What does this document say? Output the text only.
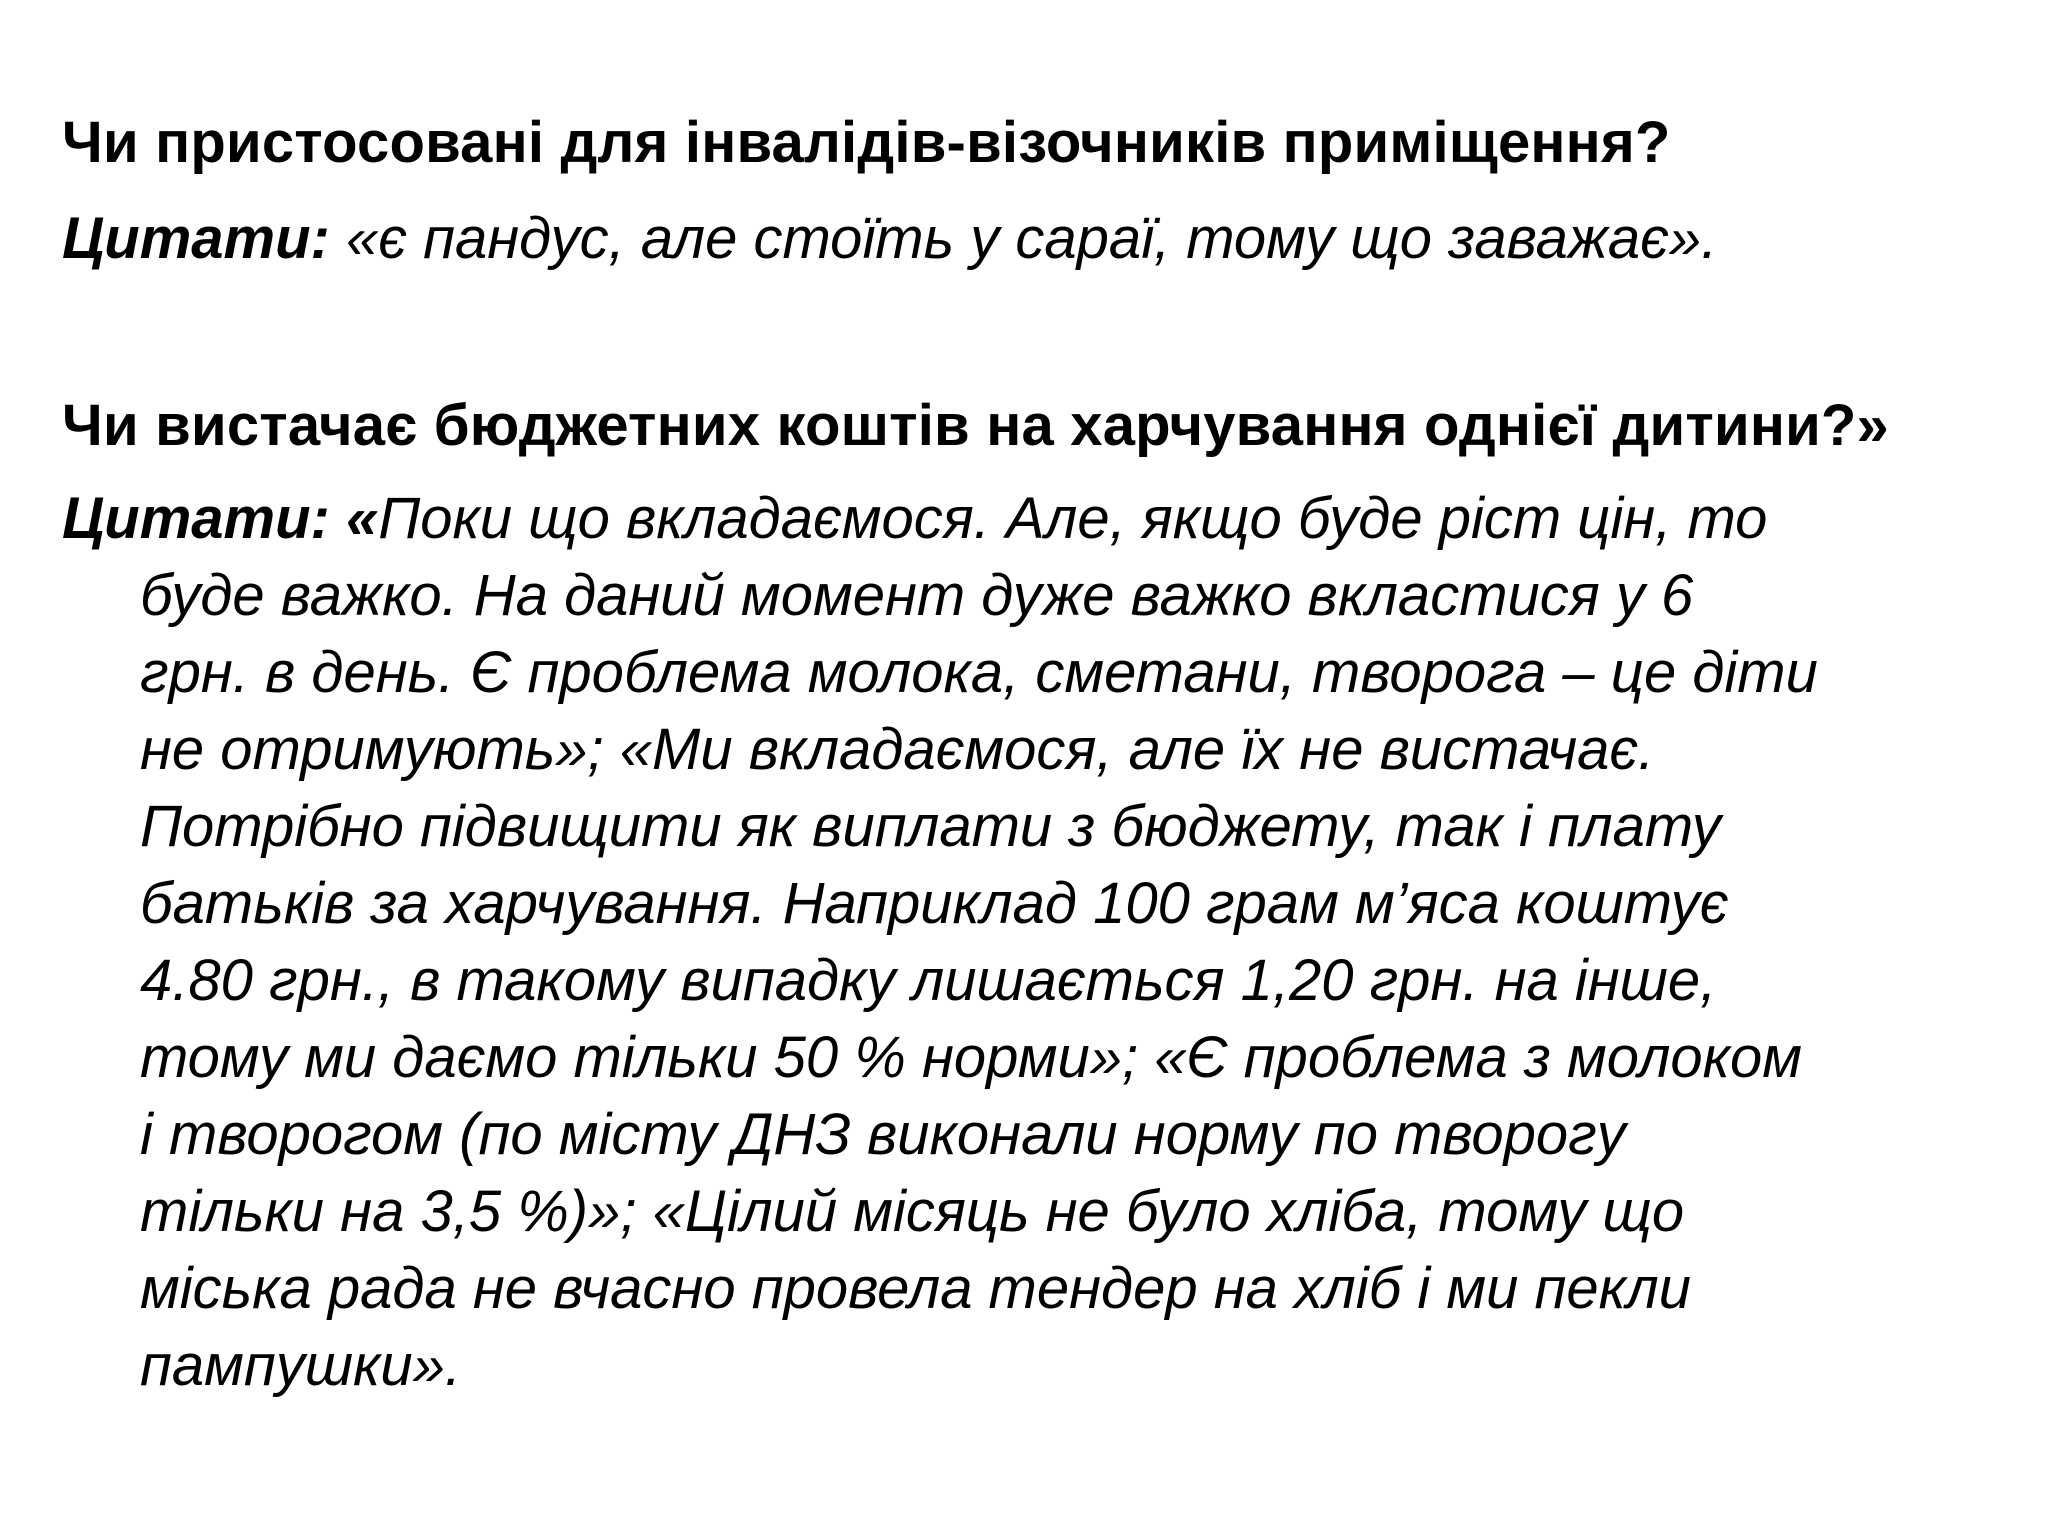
Чи пристосовані для інвалідів-візочників приміщення?
Цитати: «є пандус, але стоїть у сараї, тому що заважає».
Чи вистачає бюджетних коштів на харчування однієї дитини?»
Цитати: «Поки що вкладаємося. Але, якщо буде ріст цін, то
буде важко. На даний момент дуже важко вкластися у 6
грн. в день. Є проблема молока, сметани, творога – це діти
не отримують»; «Ми вкладаємося, але їх не вистачає.
Потрібно підвищити як виплати з бюджету, так і плату
батьків за харчування. Наприклад 100 грам м’яса коштує
4.80 грн., в такому випадку лишається 1,20 грн. на інше,
тому ми даємо тільки 50 % норми»; «Є проблема з молоком
і творогом (по місту ДНЗ виконали норму по творогу
тільки на 3,5 %)»; «Цілий місяць не було хліба, тому що
міська рада не вчасно провела тендер на хліб і ми пекли
пампушки».
